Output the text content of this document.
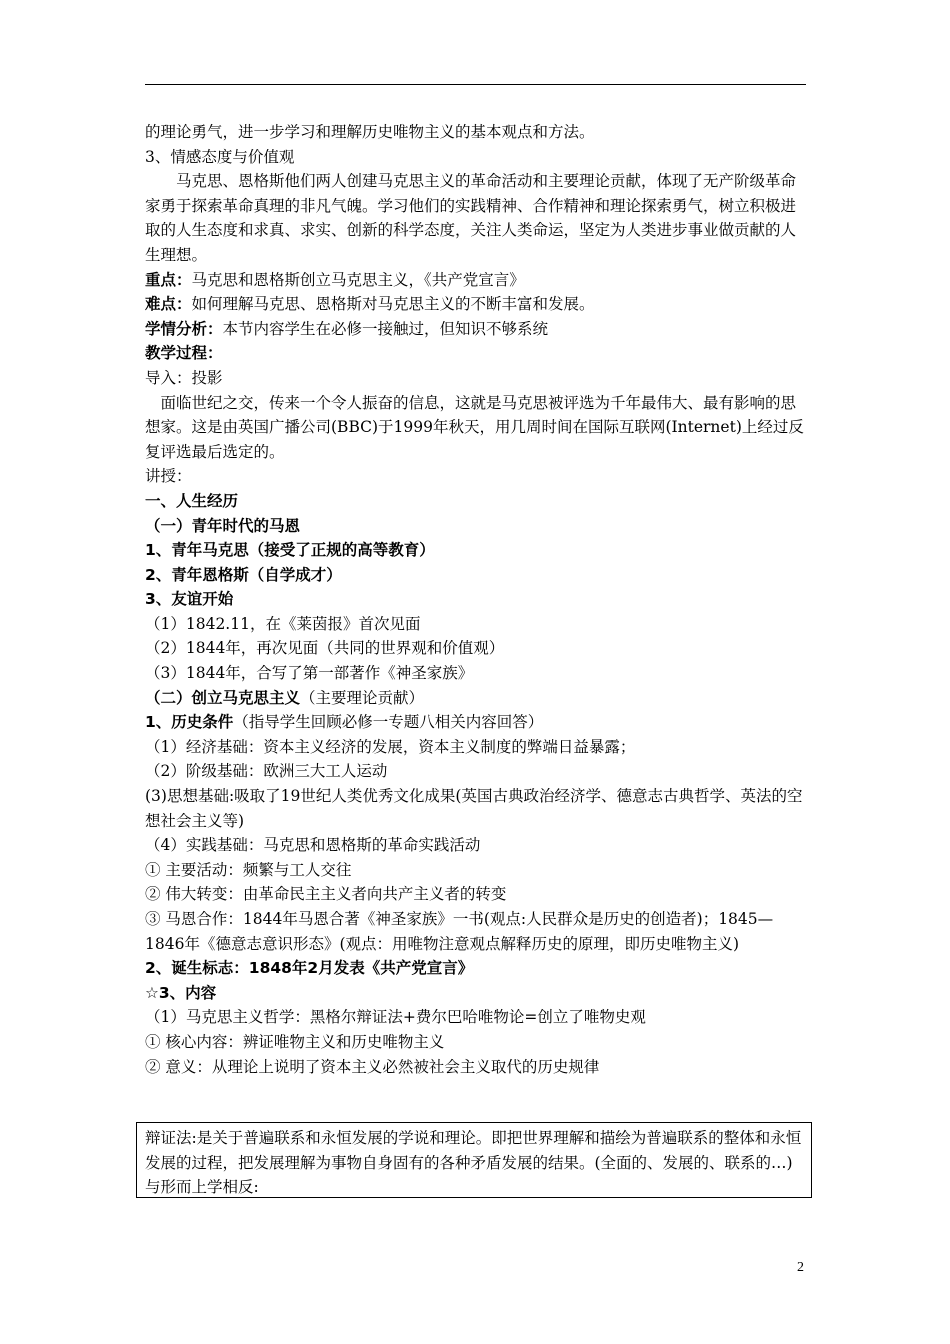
的理论勇气，进一步学习和理解历史唯物主义的基本观点和方法。

3、情感态度与价值观

马克思、恩格斯他们两人创建马克思主义的革命活动和主要理论贡献，体现了无产阶级革命家勇于探索革命真理的非凡气魄。学习他们的实践精神、合作精神和理论探索勇气，树立积极进取的人生态度和求真、求实、创新的科学态度，关注人类命运，坚定为人类进步事业做贡献的人生理想。

重点：马克思和恩格斯创立马克思主义，《共产党宣言》

难点：如何理解马克思、恩格斯对马克思主义的不断丰富和发展。

学情分析：本节内容学生在必修一接触过，但知识不够系统

教学过程：

导入：投影

面临世纪之交，传来一个令人振奋的信息，这就是马克思被评选为千年最伟大、最有影响的思想家。这是由英国广播公司(BBC)于1999年秋天，用几周时间在国际互联网(Internet)上经过反复评选最后选定的。

讲授：

一、人生经历

（一）青年时代的马恩

1、青年马克思（接受了正规的高等教育）

2、青年恩格斯（自学成才）

3、友谊开始

（1）1842.11，在《莱茵报》首次见面

（2）1844年，再次见面（共同的世界观和价值观）

（3）1844年，合写了第一部著作《神圣家族》

（二）创立马克思主义（主要理论贡献）

1、历史条件（指导学生回顾必修一专题八相关内容回答）

（1）经济基础：资本主义经济的发展，资本主义制度的弊端日益暴露；

（2）阶级基础：欧洲三大工人运动

(3)思想基础:吸取了19世纪人类优秀文化成果(英国古典政治经济学、德意志古典哲学、英法的空想社会主义等)

（4）实践基础：马克思和恩格斯的革命实践活动

① 主要活动：频繁与工人交往

② 伟大转变：由革命民主主义者向共产主义者的转变

③ 马恩合作：1844年马恩合著《神圣家族》一书(观点:人民群众是历史的创造者)；1845—1846年《德意志意识形态》(观点：用唯物注意观点解释历史的原理，即历史唯物主义)

2、诞生标志：1848年2月发表《共产党宣言》

☆3、内容

（1）马克思主义哲学：黑格尔辩证法+费尔巴哈唯物论=创立了唯物史观

① 核心内容：辨证唯物主义和历史唯物主义

② 意义：从理论上说明了资本主义必然被社会主义取代的历史规律

辩证法:是关于普遍联系和永恒发展的学说和理论。即把世界理解和描绘为普遍联系的整体和永恒发展的过程，把发展理解为事物自身固有的各种矛盾发展的结果。(全面的、发展的、联系的…)与形而上学相反:

2
